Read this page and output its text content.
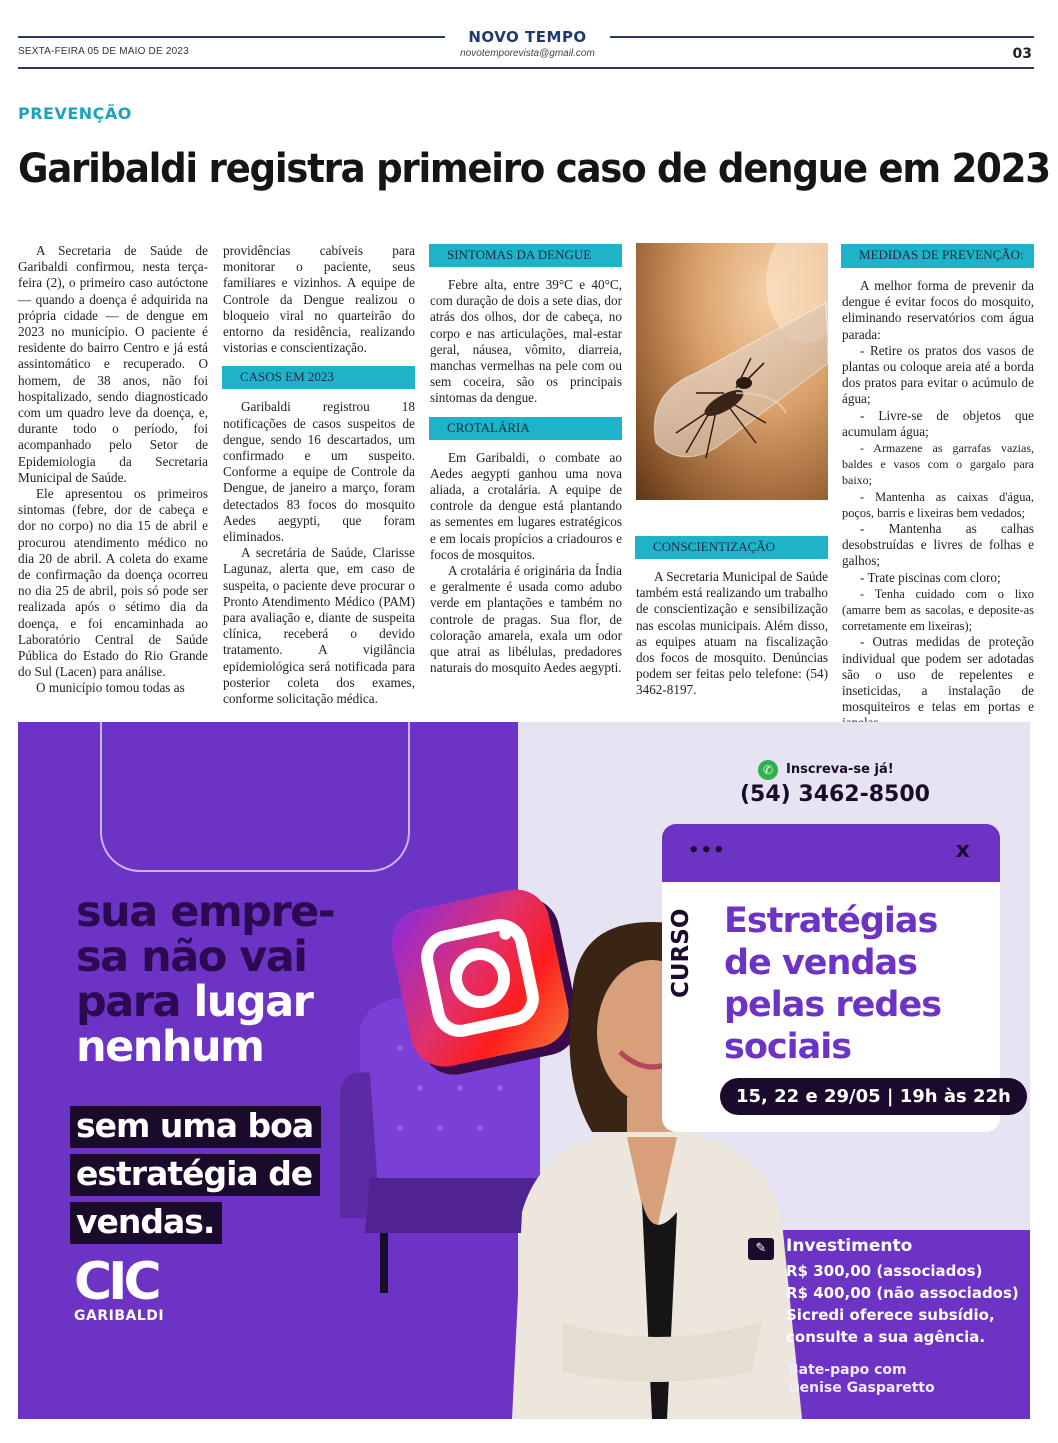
SEXTA-FEIRA 05 DE MAIO DE 2023
NOVO TEMPO
novotemporevista@gmail.com	03
PREVENÇÃO
Garibaldi registra primeiro caso de dengue em 2023

A Secretaria de Saúde de Garibaldi confirmou, nesta terça-feira (2), o primeiro caso autóctone — quando a doença é adquirida na própria cidade — de dengue em 2023 no município. O paciente é residente do bairro Centro e já está assintomático e recuperado. O homem, de 38 anos, não foi hospitalizado, sendo diagnosticado com um quadro leve da doença, e, durante todo o período, foi acompanhado pelo Setor de Epidemiologia da Secretaria Municipal de Saúde.

Ele apresentou os primeiros sintomas (febre, dor de cabeça e dor no corpo) no dia 15 de abril e procurou atendimento médico no dia 20 de abril. A coleta do exame de confirmação da doença ocorreu no dia 25 de abril, pois só pode ser realizada após o sétimo dia da doença, e foi encaminhada ao Laboratório Central de Saúde Pública do Estado do Rio Grande do Sul (Lacen) para análise.

O município tomou todas as

providências cabíveis para monitorar o paciente, seus familiares e vizinhos. A equipe de Controle da Dengue realizou o bloqueio viral no quarteirão do entorno da residência, realizando vistorias e conscientização.

CASOS EM 2023

Garibaldi registrou 18 notificações de casos suspeitos de dengue, sendo 16 descartados, um confirmado e um suspeito. Conforme a equipe de Controle da Dengue, de janeiro a março, foram detectados 83 focos do mosquito Aedes aegypti, que foram eliminados.

A secretária de Saúde, Clarisse Lagunaz, alerta que, em caso de suspeita, o paciente deve procurar o Pronto Atendimento Médico (PAM) para avaliação e, diante de suspeita clínica, receberá o devido tratamento. A vigilância epidemiológica será notificada para posterior coleta dos exames, conforme solicitação médica.

SINTOMAS DA DENGUE

Febre alta, entre 39°C e 40°C, com duração de dois a sete dias, dor atrás dos olhos, dor de cabeça, no corpo e nas articulações, mal-estar geral, náusea, vômito, diarreia, manchas vermelhas na pele com ou sem coceira, são os principais sintomas da dengue.

CROTALÁRIA

Em Garibaldi, o combate ao Aedes aegypti ganhou uma nova aliada, a crotalária. A equipe de controle da dengue está plantando as sementes em lugares estratégicos e em locais propícios a criadouros e focos de mosquitos.

A crotalária é originária da Índia e geralmente é usada como adubo verde em plantações e também no controle de pragas. Sua flor, de coloração amarela, exala um odor que atrai as libélulas, predadores naturais do mosquito Aedes aegypti.

CONSCIENTIZAÇÃO

A Secretaria Municipal de Saúde também está realizando um trabalho de conscientização e sensibilização nas escolas municipais. Além disso, as equipes atuam na fiscalização dos focos de mosquito. Denúncias podem ser feitas pelo telefone: (54) 3462-8197.

MEDIDAS DE PREVENÇÃO:

A melhor forma de prevenir da dengue é evitar focos do mosquito, eliminando reservatórios com água parada:

- Retire os pratos dos vasos de plantas ou coloque areia até a borda dos pratos para evitar o acúmulo de água;

- Livre-se de objetos que acumulam água;

- Armazene as garrafas vazias, baldes e vasos com o gargalo para baixo;

- Mantenha as caixas d'água, poços, barris e lixeiras bem vedados;

- Mantenha as calhas desobstruídas e livres de folhas e galhos;

- Trate piscinas com cloro;

- Tenha cuidado com o lixo (amarre bem as sacolas, e deposite-as corretamente em lixeiras);

- Outras medidas de proteção individual que podem ser adotadas são o uso de repelentes e inseticidas, a instalação de mosquiteiros e telas em portas e

sua empre-sa não vai para lugar nenhum
sem uma boa
estratégia de
vendas.
CIC
GARIBALDI
✆ Inscreva-se já!
(54) 3462-8500
•••	x
CURSO Estratégias
de vendas
pelas redes
sociais
15, 22 e 29/05 | 19h às 22h
✎	Investimento
R$ 300,00 (associados)
R$ 400,00 (não associados)
Sicredi oferece subsídio,
consulte a sua agência.
Bate-papo com
Denise Gasparetto
